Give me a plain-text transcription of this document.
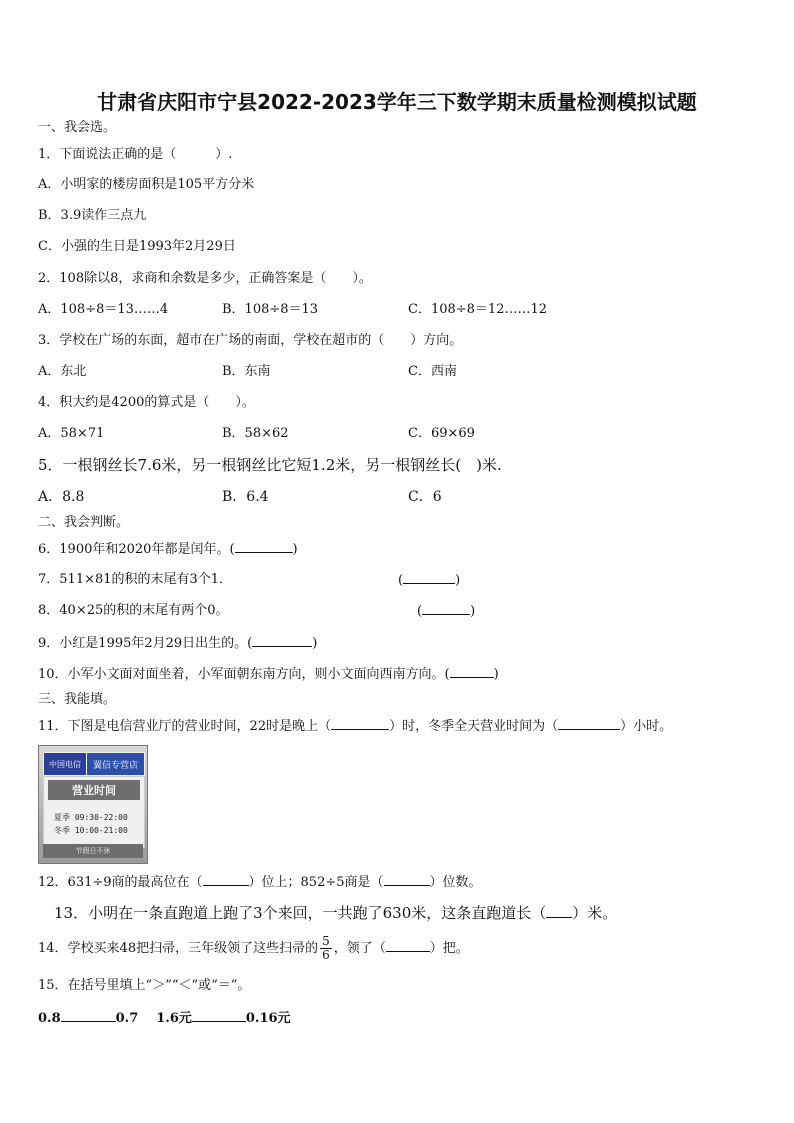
甘肃省庆阳市宁县2022-2023学年三下数学期末质量检测模拟试题
一、我会选。
1．下面说法正确的是（　　　）.
A．小明家的楼房面积是105平方分米
B．3.9读作三点九
C．小强的生日是1993年2月29日
2．108除以8，求商和余数是多少，正确答案是（　　）。
A．108÷8＝13……4	B．108÷8＝13	C．108÷8＝12……12
3．学校在广场的东面，超市在广场的南面，学校在超市的（　　）方向。
A．东北	B．东南	C．西南
4．积大约是4200的算式是（　　）。
A．58×71	B．58×62	C．69×69
5．一根钢丝长7.6米，另一根钢丝比它短1.2米，另一根钢丝长(　)米.
A．8.8	B．6.4	C．6
二、我会判断。
6．1900年和2020年都是闰年。(	)
7．511×81的积的末尾有3个1．	(	)
8．40×25的积的末尾有两个0。	(	)
9．小红是1995年2月29日出生的。(	)
10．小军小文面对面坐着，小军面朝东南方向，则小文面向西南方向。(	)
三、我能填。
11．下图是电信营业厅的营业时间，22时是晚上（	）时，冬季全天营业时间为（	）小时。
中国电信	翼信专营店
营业时间
夏季 09:30-22:00
冬季 10:00-21:00
节假日不休
12．631÷9商的最高位在（	）位上；852÷5商是（	）位数。
13．小明在一条直跑道上跑了3个来回，一共跑了630米，这条直跑道长（ ）米。
14．学校买来48把扫帚，三年级领了这些扫帚的 $\frac{5}{6}$ ，领了（	）把。
15．在括号里填上“＞”“＜”或“＝”。
0.8	0.7 1.6元	0.16元
